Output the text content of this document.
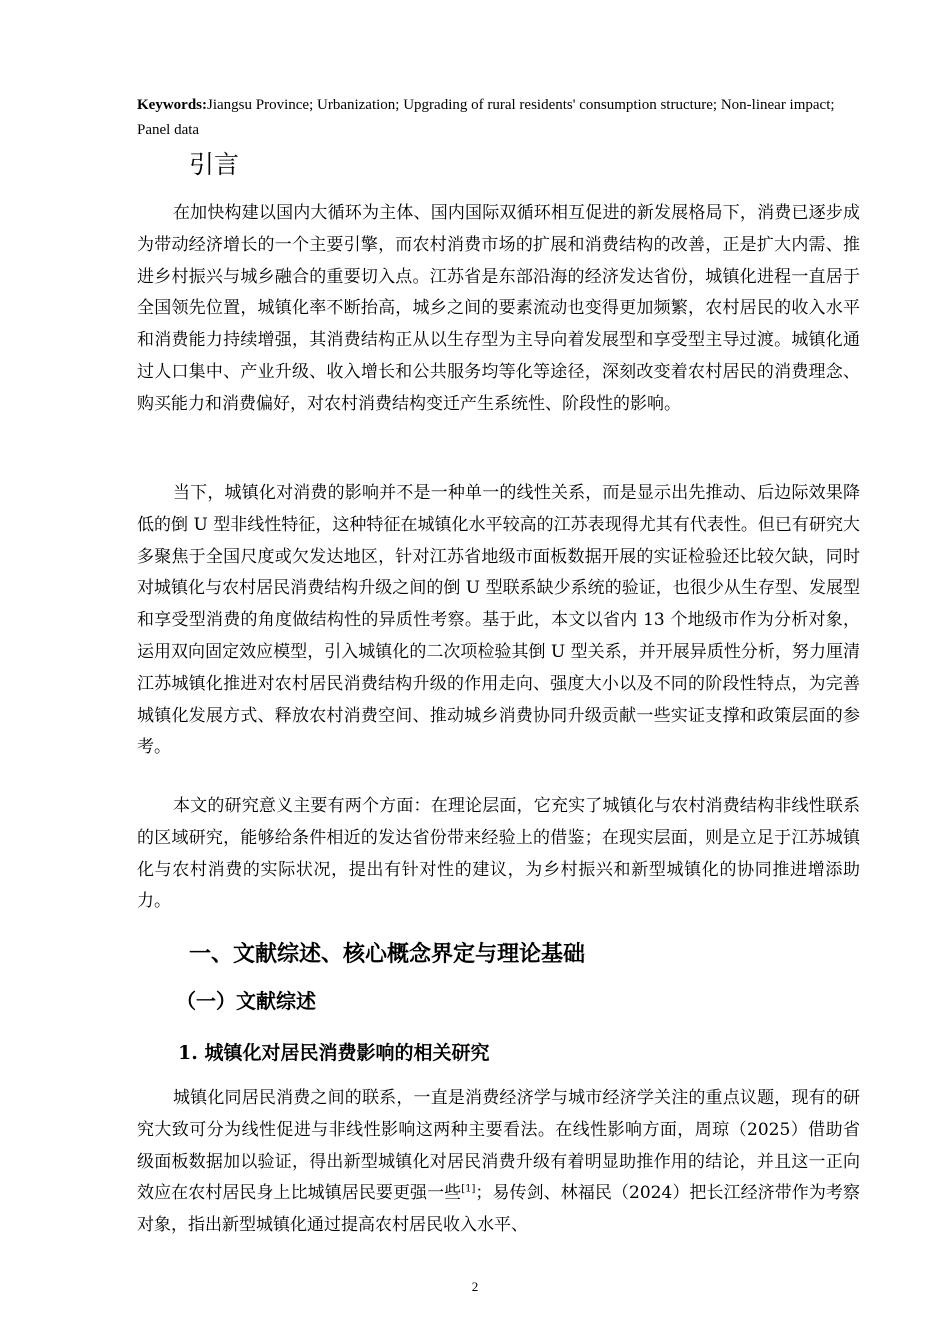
Keywords:Jiangsu Province; Urbanization; Upgrading of rural residents' consumption structure; Non-linear impact; Panel data
引言

在加快构建以国内大循环为主体、国内国际双循环相互促进的新发展格局下，消费已逐步成为带动经济增长的一个主要引擎，而农村消费市场的扩展和消费结构的改善，正是扩大内需、推进乡村振兴与城乡融合的重要切入点。江苏省是东部沿海的经济发达省份，城镇化进程一直居于全国领先位置，城镇化率不断抬高，城乡之间的要素流动也变得更加频繁，农村居民的收入水平和消费能力持续增强，其消费结构正从以生存型为主导向着发展型和享受型主导过渡。城镇化通过人口集中、产业升级、收入增长和公共服务均等化等途径，深刻改变着农村居民的消费理念、购买能力和消费偏好，对农村消费结构变迁产生系统性、阶段性的影响。

当下，城镇化对消费的影响并不是一种单一的线性关系，而是显示出先推动、后边际效果降低的倒 U 型非线性特征，这种特征在城镇化水平较高的江苏表现得尤其有代表性。但已有研究大多聚焦于全国尺度或欠发达地区，针对江苏省地级市面板数据开展的实证检验还比较欠缺，同时对城镇化与农村居民消费结构升级之间的倒 U 型联系缺少系统的验证，也很少从生存型、发展型和享受型消费的角度做结构性的异质性考察。基于此，本文以省内 13 个地级市作为分析对象，运用双向固定效应模型，引入城镇化的二次项检验其倒 U 型关系，并开展异质性分析，努力厘清江苏城镇化推进对农村居民消费结构升级的作用走向、强度大小以及不同的阶段性特点，为完善城镇化发展方式、释放农村消费空间、推动城乡消费协同升级贡献一些实证支撑和政策层面的参考。

本文的研究意义主要有两个方面：在理论层面，它充实了城镇化与农村消费结构非线性联系的区域研究，能够给条件相近的发达省份带来经验上的借鉴；在现实层面，则是立足于江苏城镇化与农村消费的实际状况，提出有针对性的建议，为乡村振兴和新型城镇化的协同推进增添助力。

一、文献综述、核心概念界定与理论基础
（一）文献综述
1. 城镇化对居民消费影响的相关研究

城镇化同居民消费之间的联系，一直是消费经济学与城市经济学关注的重点议题，现有的研究大致可分为线性促进与非线性影响这两种主要看法。在线性影响方面，周琼（2025）借助省级面板数据加以验证，得出新型城镇化对居民消费升级有着明显助推作用的结论，并且这一正向效应在农村居民身上比城镇居民要更强一些[1]；易传剑、林福民（2024）把长江经济带作为考察对象，指出新型城镇化通过提高农村居民收入水平、

2
